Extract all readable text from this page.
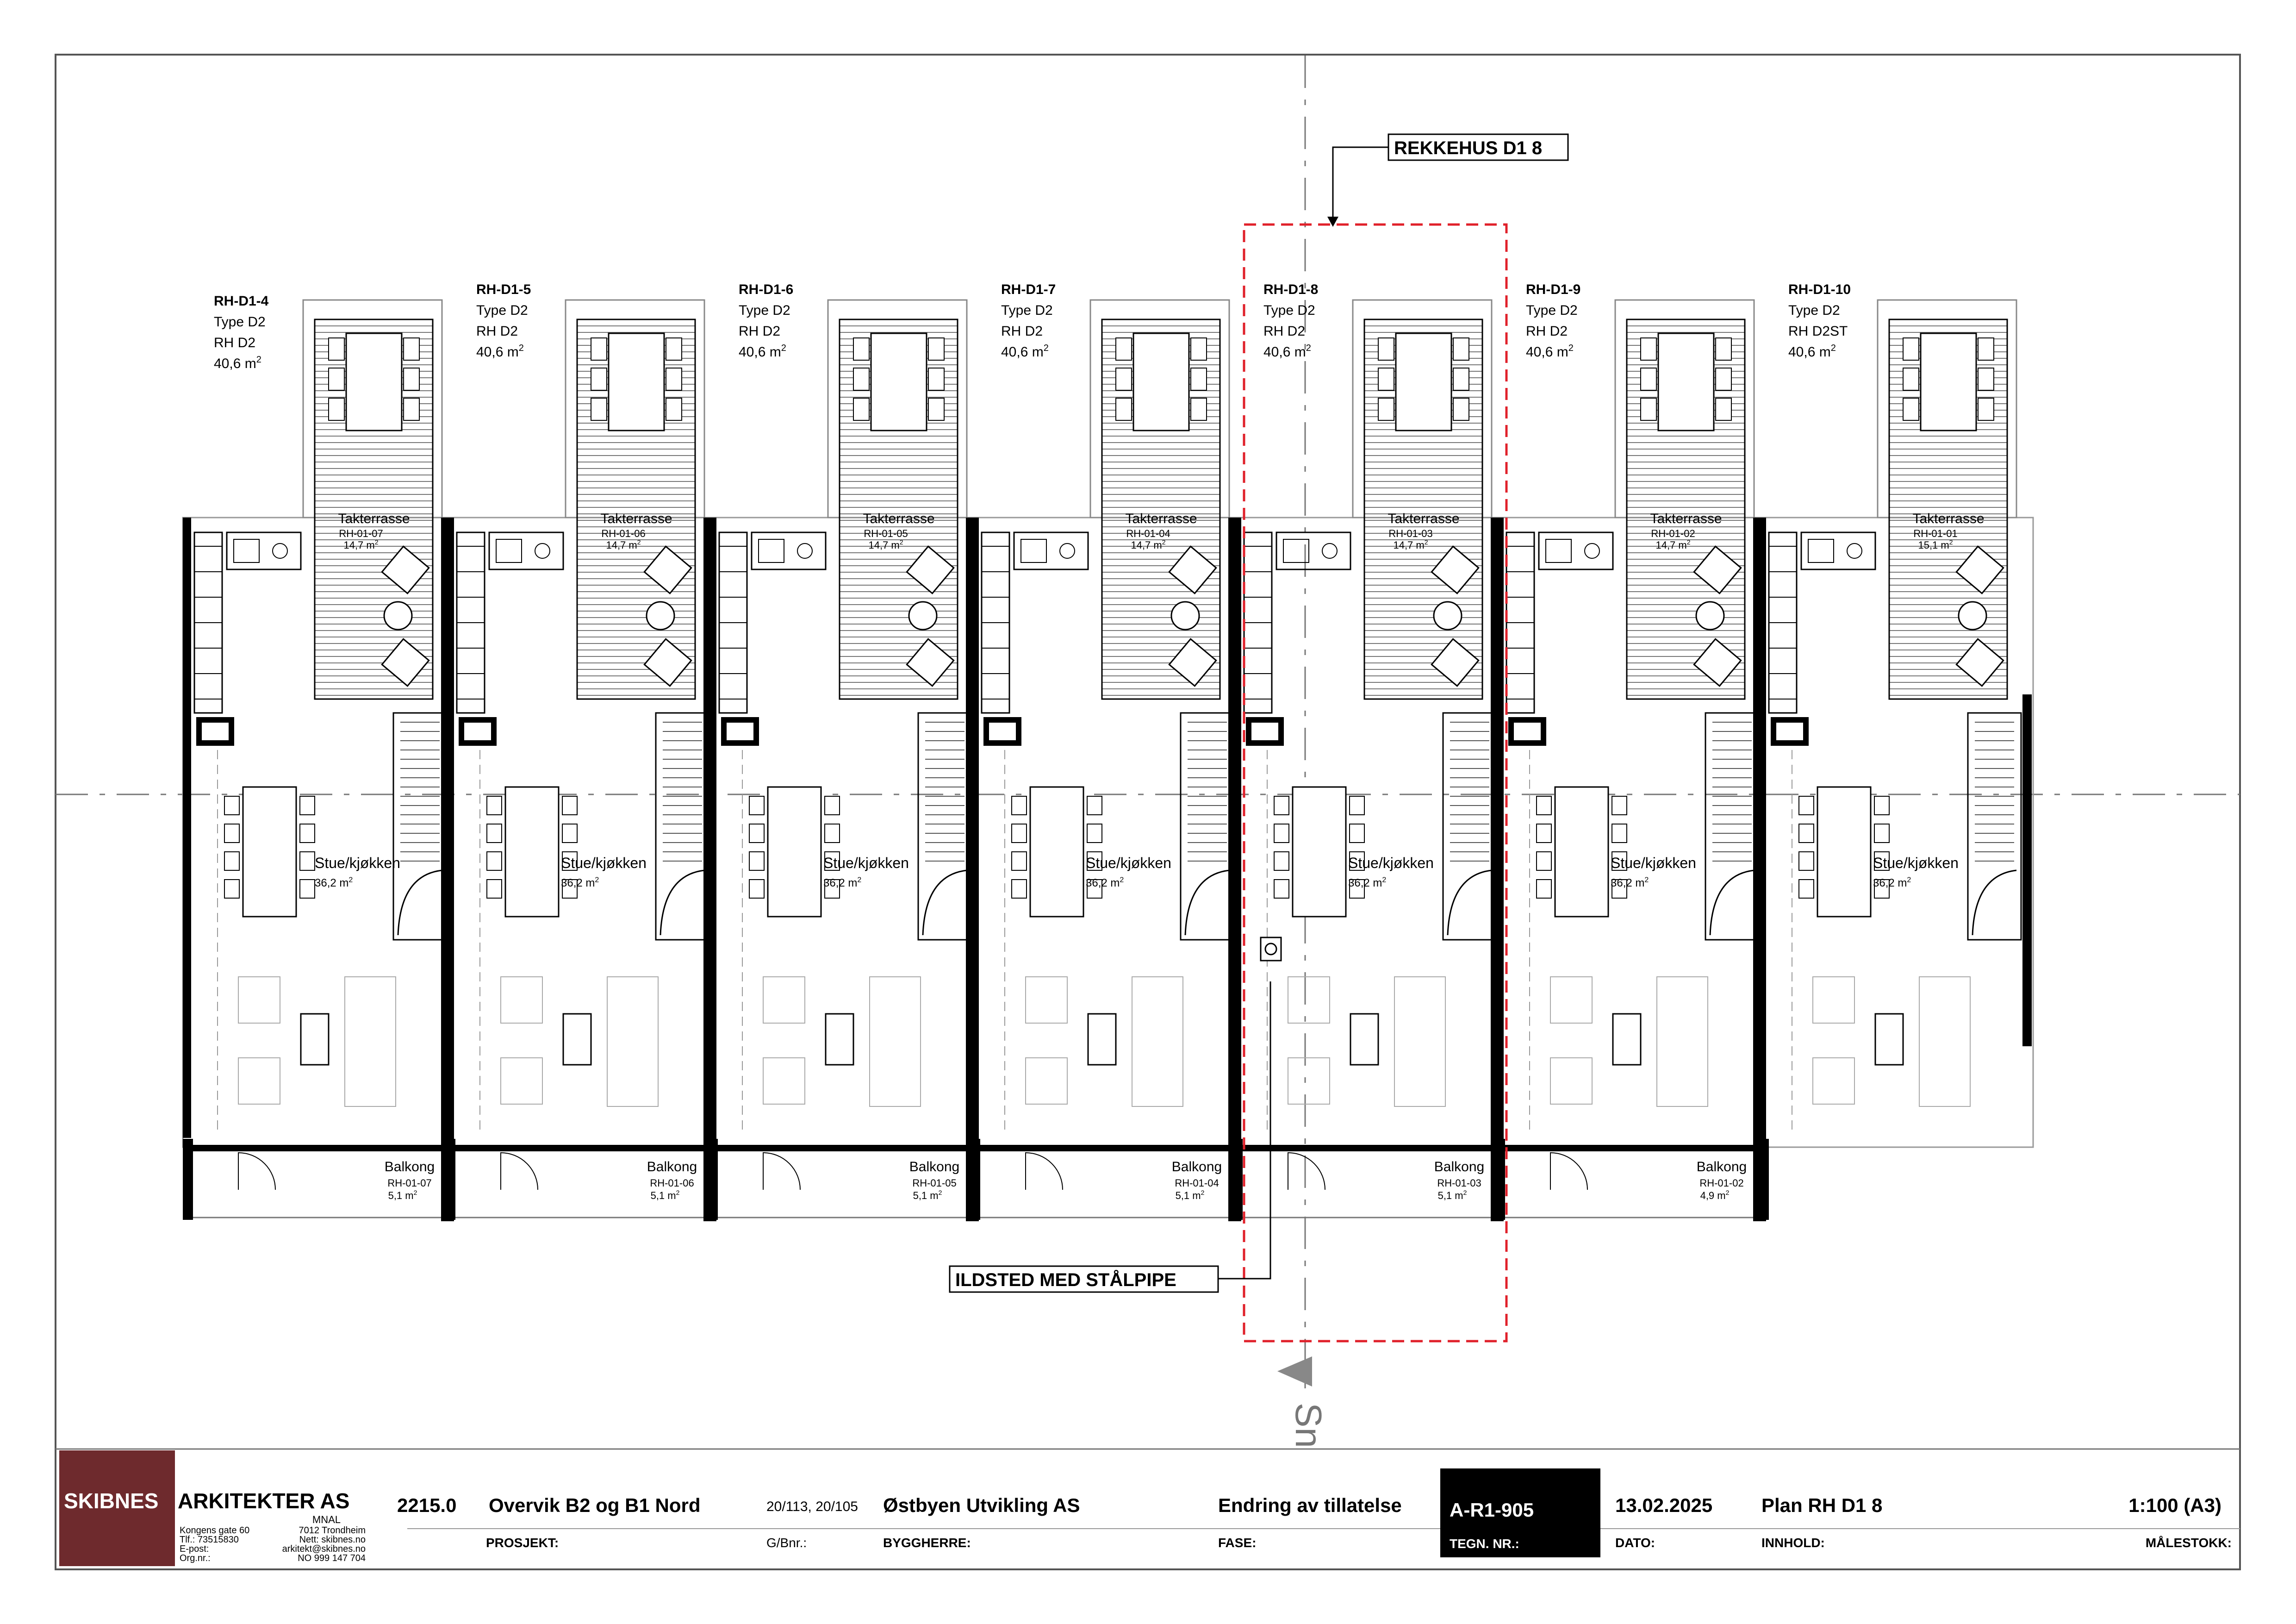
RH-D1-4
Type D2
RH D2
40,6 $m^2$
Takterrasse
RH-01-07
14,7 $m^2$
Stue/kjøkken
36,2 $m^2$
Balkong
RH-01-07
5,1 $m^2$
RH-D1-5
Type D2
RH D2
40,6 $m^2$
Takterrasse
RH-01-06
14,7 $m^2$
Stue/kjøkken
36,2 $m^2$
Balkong
RH-01-06
5,1 $m^2$
RH-D1-6
Type D2
RH D2
40,6 $m^2$
Takterrasse
RH-01-05
14,7 $m^2$
Stue/kjøkken
36,2 $m^2$
Balkong
RH-01-05
5,1 $m^2$
RH-D1-7
Type D2
RH D2
40,6 $m^2$
Takterrasse
RH-01-04
14,7 $m^2$
Stue/kjøkken
36,2 $m^2$
Balkong
RH-01-04
5,1 $m^2$
RH-D1-8
Type D2
RH D2
40,6 $m^2$
Takterrasse
RH-01-03
14,7 $m^2$
Stue/kjøkken
36,2 $m^2$
Balkong
RH-01-03
5,1 $m^2$
RH-D1-9
Type D2
RH D2
40,6 $m^2$
Takterrasse
RH-01-02
14,7 $m^2$
Stue/kjøkken
36,2 $m^2$
Balkong
RH-01-02
4,9 $m^2$
RH-D1-10
Type D2
RH D2ST
40,6 $m^2$
Takterrasse
RH-01-01
15,1 $m^2$
Stue/kjøkken
36,2 $m^2$
REKKEHUS D1 8
ILDSTED MED STÅLPIPE
Sn
SKIBNES ARKITEKTER AS
MNAL
Kongens gate 60	7012 Trondheim
Tlf.: 73515830	Nett: skibnes.no
E-post:	arkitekt@skibnes.no
Org.nr.:	NO 999 147 704
2215.0 Overvik B2 og B1 Nord
PROSJEKT:
20/113, 20/105
G/Bnr.:
Østbyen Utvikling AS
BYGGHERRE:
Endring av tillatelse
FASE:
A-R1-905
TEGN. NR.:
13.02.2025
DATO:
Plan RH D1 8
INNHOLD:
1:100 (A3)
MÅLESTOKK:
